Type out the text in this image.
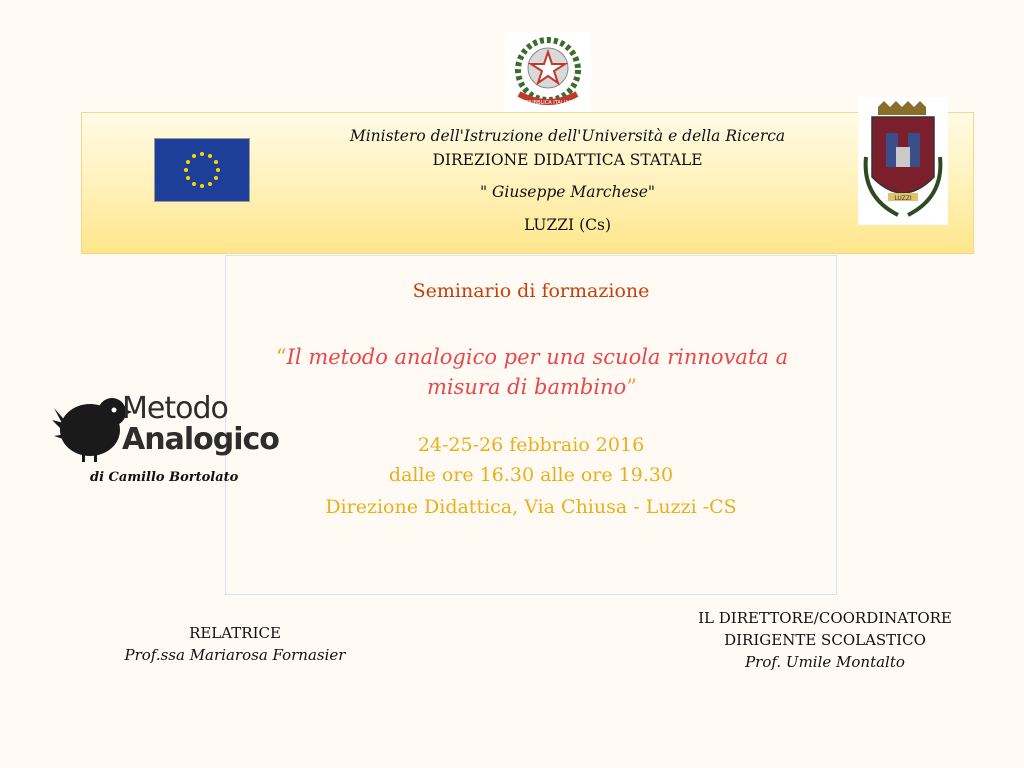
REPUBBLICA ITALIANA
Ministero dell'Istruzione dell'Università e della Ricerca
DIREZIONE DIDATTICA STATALE
" Giuseppe Marchese"
LUZZI (Cs)
LUZZI
Seminario di formazione
“Il metodo analogico per una scuola rinnovata a misura di bambino”
24-25-26 febbraio 2016
dalle ore 16.30 alle ore 19.30
Direzione Didattica, Via Chiusa - Luzzi -CS
Metodo
Analogico
di Camillo Bortolato
RELATRICE
Prof.ssa Mariarosa Fornasier
IL DIRETTORE/COORDINATORE
DIRIGENTE SCOLASTICO
Prof. Umile Montalto
